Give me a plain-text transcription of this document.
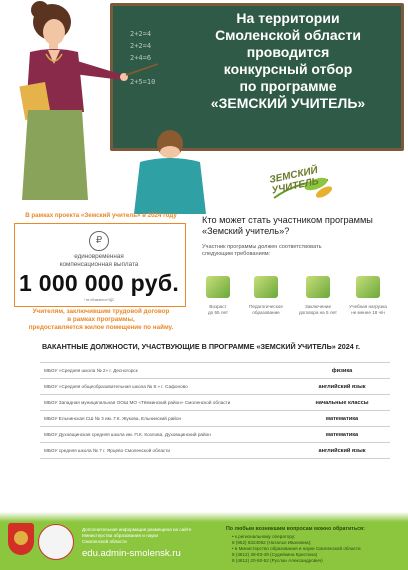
2+2=4
2+2=4
2+4=6
2+5=10
На территории
Смоленской области
проводится
конкурсный отбор
по программе
«ЗЕМСКИЙ УЧИТЕЛЬ»
ЗЕМСКИЙ УЧИТЕЛЬ
В рамках проекта «Земский учитель» в 2024 году
₽
единовременная
компенсационная выплата
1 000 000 руб.
* не облагается НДС
Учителям, заключившим трудовой договор
в рамках программы,
предоставляется жилое помещение по найму.
Кто может стать участником программы
«Земский учитель»?
Участник программы должен соответствовать
следующим требованиям:
Возраст
до 55 лет
Педагогическое
образование
Заключение
договора на 5 лет
Учебная нагрузка
не менее 18 ч/н
ВАКАНТНЫЕ ДОЛЖНОСТИ, УЧАСТВУЮЩИЕ В ПРОГРАММЕ «ЗЕМСКИЙ УЧИТЕЛЬ» 2024 г.
МБОУ «Средняя школа № 2» г. Десногорск	физика
МБОУ «Средняя общеобразовательная школа № 8 » г. Сафоново	английский язык
МБОУ Западная муниципальная ООШ МО «Тёмкинский район» Смоленской области	начальные классы
МБОУ Ельнинская СШ № 3 им. Г.К. Жукова, Ельнинский район	математика
МБОУ Духовщинская средняя школа им. П.К. Козлова, Духовщинский район	математика
МБОУ средняя школа № 7 г. Ярцево Смоленской области	английский язык
Дополнительная информация размещена на сайте
Министерства образования и науки
Смоленской области
edu.admin-smolensk.ru
По любым возникшим вопросам можно обратиться:
• к региональному оператору:
8 (952) 5324082 (Наталья Ивановна);
• в Министерство образования и науки Смоленской области
8 (4812) 38-93-49 (Судейкина Кристина)
8 (4812) 20-50-52 (Руслан Александрович)
